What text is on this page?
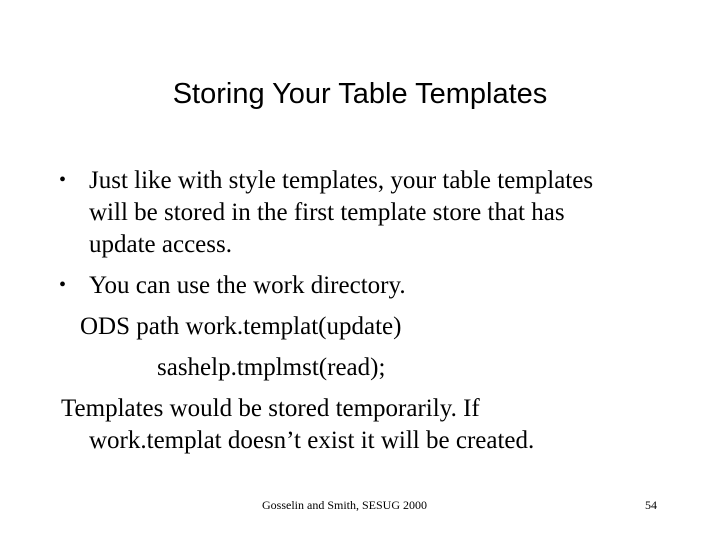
Storing Your Table Templates
• Just like with style templates, your table templates
will be stored in the first template store that has
update access.
• You can use the work directory.
ODS path work.templat(update)
sashelp.tmplmst(read);
Templates would be stored temporarily. If
work.templat doesn’t exist it will be created.
Gosselin and Smith, SESUG 2000	54
